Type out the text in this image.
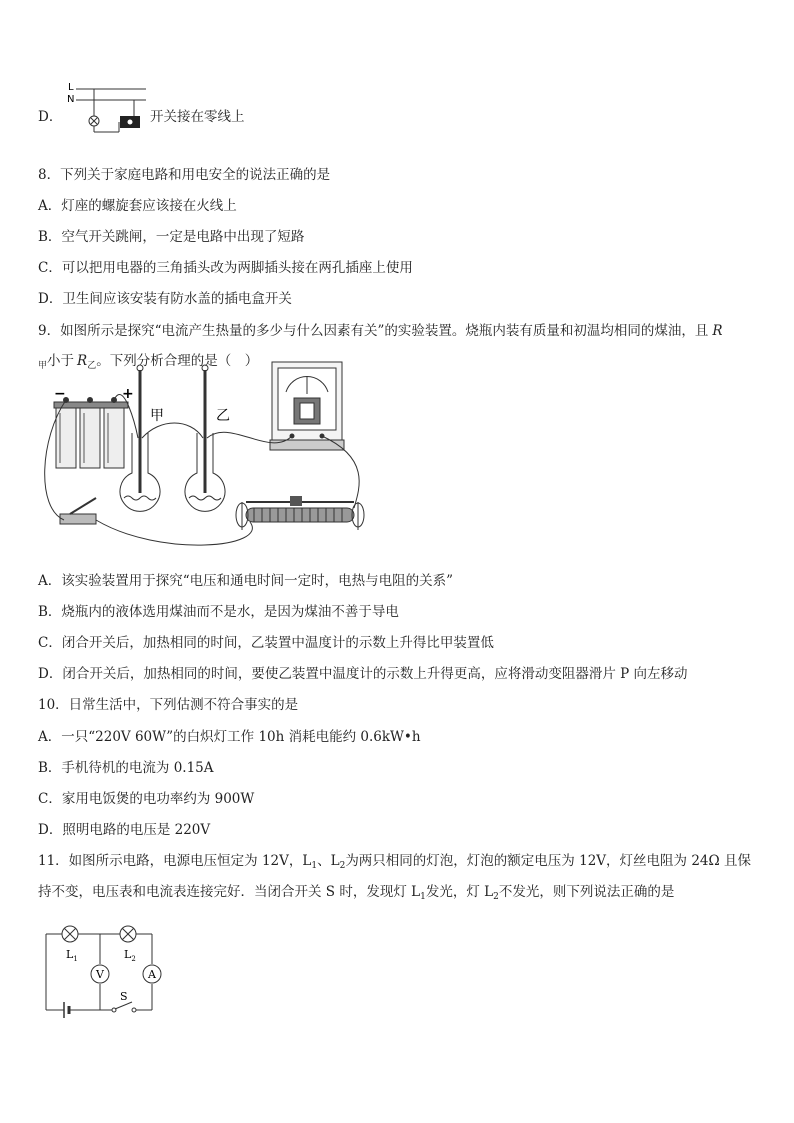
D．
L
N
开关接在零线上
8．下列关于家庭电路和用电安全的说法正确的是
A．灯座的螺旋套应该接在火线上
B．空气开关跳闸，一定是电路中出现了短路
C．可以把用电器的三角插头改为两脚插头接在两孔插座上使用
D．卫生间应该安装有防水盖的插电盒开关
9．如图所示是探究“电流产生热量的多少与什么因素有关”的实验装置。烧瓶内装有质量和初温均相同的煤油，且 R
$_甲$小于 $R_乙$。下列分析合理的是（　）
−	+
甲	乙
A．该实验装置用于探究“电压和通电时间一定时，电热与电阻的关系”
B．烧瓶内的液体选用煤油而不是水，是因为煤油不善于导电
C．闭合开关后，加热相同的时间，乙装置中温度计的示数上升得比甲装置低
D．闭合开关后，加热相同的时间，要使乙装置中温度计的示数上升得更高，应将滑动变阻器滑片 P 向左移动
10．日常生活中，下列估测不符合事实的是
A．一只“220V 60W”的白炽灯工作 10h 消耗电能约 0.6kW•h
B．手机待机的电流为 0.15A
C．家用电饭煲的电功率约为 900W
D．照明电路的电压是 220V
11．如图所示电路，电源电压恒定为 12V，$L_1$、$L_2$为两只相同的灯泡，灯泡的额定电压为 12V，灯丝电阻为 24Ω 且保
持不变，电压表和电流表连接完好．当闭合开关 S 时，发现灯 $L_1$发光，灯 $L_2$不发光，则下列说法正确的是
$L_1$	$L_2$
V	A
S
